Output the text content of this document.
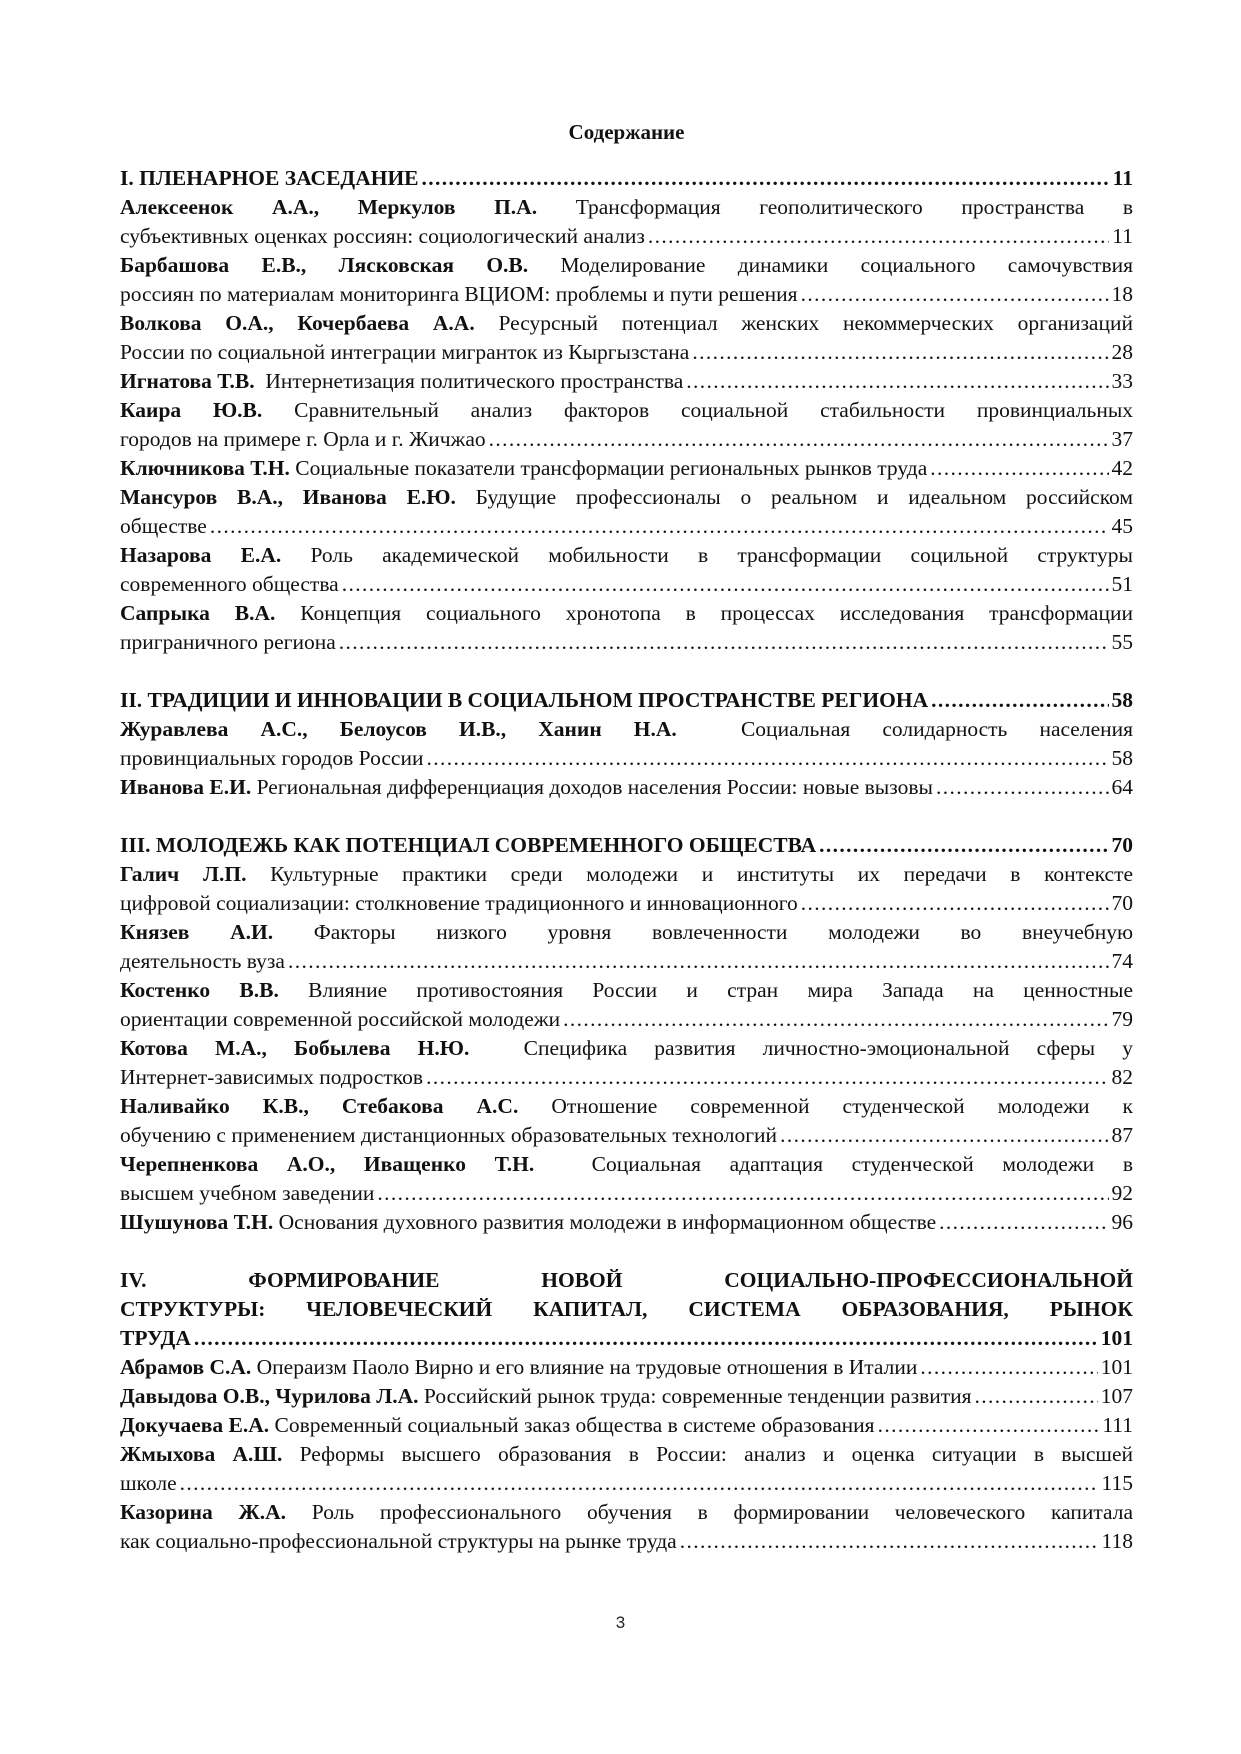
Содержание
I. ПЛЕНАРНОЕ ЗАСЕДАНИЕ . . .	11
Алексеенок А.А., Меркулов П.А. Трансформация геополитического пространства в
субъективных оценках россиян: социологический анализ . . .	11
Барбашова Е.В., Лясковская О.В. Моделирование динамики социального самочувствия
россиян по материалам мониторинга ВЦИОМ: проблемы и пути решения . . .	18
Волкова О.А., Кочербаева А.А. Ресурсный потенциал женских некоммерческих организаций
России по социальной интеграции мигранток из Кыргызстана . . .	28
Игнатова Т.В. Интернетизация политического пространства . . .	33
Каира Ю.В. Сравнительный анализ факторов социальной стабильности провинциальных
городов на примере г. Орла и г. Жичжао . . .	37
Ключникова Т.Н. Социальные показатели трансформации региональных рынков труда . . .	42
Мансуров В.А., Иванова Е.Ю. Будущие профессионалы о реальном и идеальном российском
обществе . . .	45
Назарова Е.А. Роль академической мобильности в трансформации социльной структуры
современного общества . . .	51
Сапрыка В.А. Концепция социального хронотопа в процессах исследования трансформации
приграничного региона . . .	55
II. ТРАДИЦИИ И ИННОВАЦИИ В СОЦИАЛЬНОМ ПРОСТРАНСТВЕ РЕГИОНА . . .	58
Журавлева А.С., Белоусов И.В., Ханин Н.А.	Социальная солидарность населения
провинциальных городов России . . .	58
Иванова Е.И. Региональная дифференциация доходов населения России: новые вызовы . . .	64
III. МОЛОДЕЖЬ КАК ПОТЕНЦИАЛ СОВРЕМЕННОГО ОБЩЕСТВА . . .	70
Галич Л.П. Культурные практики среди молодежи и институты их передачи в контексте
цифровой социализации: столкновение традиционного и инновационного . . .	70
Князев А.И. Факторы низкого уровня вовлеченности молодежи во внеучебную
деятельность вуза . . .	74
Костенко В.В. Влияние противостояния России и стран мира Запада на ценностные
ориентации современной российской молодежи . . .	79
Котова М.А., Бобылева Н.Ю.	Специфика развития личностно-эмоциональной сферы у
Интернет-зависимых подростков . . .	82
Наливайко К.В., Стебакова А.С. Отношение современной студенческой молодежи к
обучению с применением дистанционных образовательных технологий . . .	87
Черепненкова А.О., Иващенко Т.Н.	Социальная адаптация студенческой молодежи в
высшем учебном заведении . . .	92
Шушунова Т.Н. Основания духовного развития молодежи в информационном обществе . . .	96
IV. ФОРМИРОВАНИЕ НОВОЙ СОЦИАЛЬНО-ПРОФЕССИОНАЛЬНОЙ
СТРУКТУРЫ: ЧЕЛОВЕЧЕСКИЙ КАПИТАЛ, СИСТЕМА ОБРАЗОВАНИЯ, РЫНОК
ТРУДА . . .	101
Абрамов С.А. Операизм Паоло Вирно и его влияние на трудовые отношения в Италии . . .	101
Давыдова О.В., Чурилова Л.А. Российский рынок труда: современные тенденции развития . . .	107
Докучаева Е.А. Современный социальный заказ общества в системе образования . . .	111
Жмыхова А.Ш. Реформы высшего образования в России: анализ и оценка ситуации в высшей
школе . . .	115
Казорина Ж.А. Роль профессионального обучения в формировании человеческого капитала
как социально-профессиональной структуры на рынке труда . . .	118
3
